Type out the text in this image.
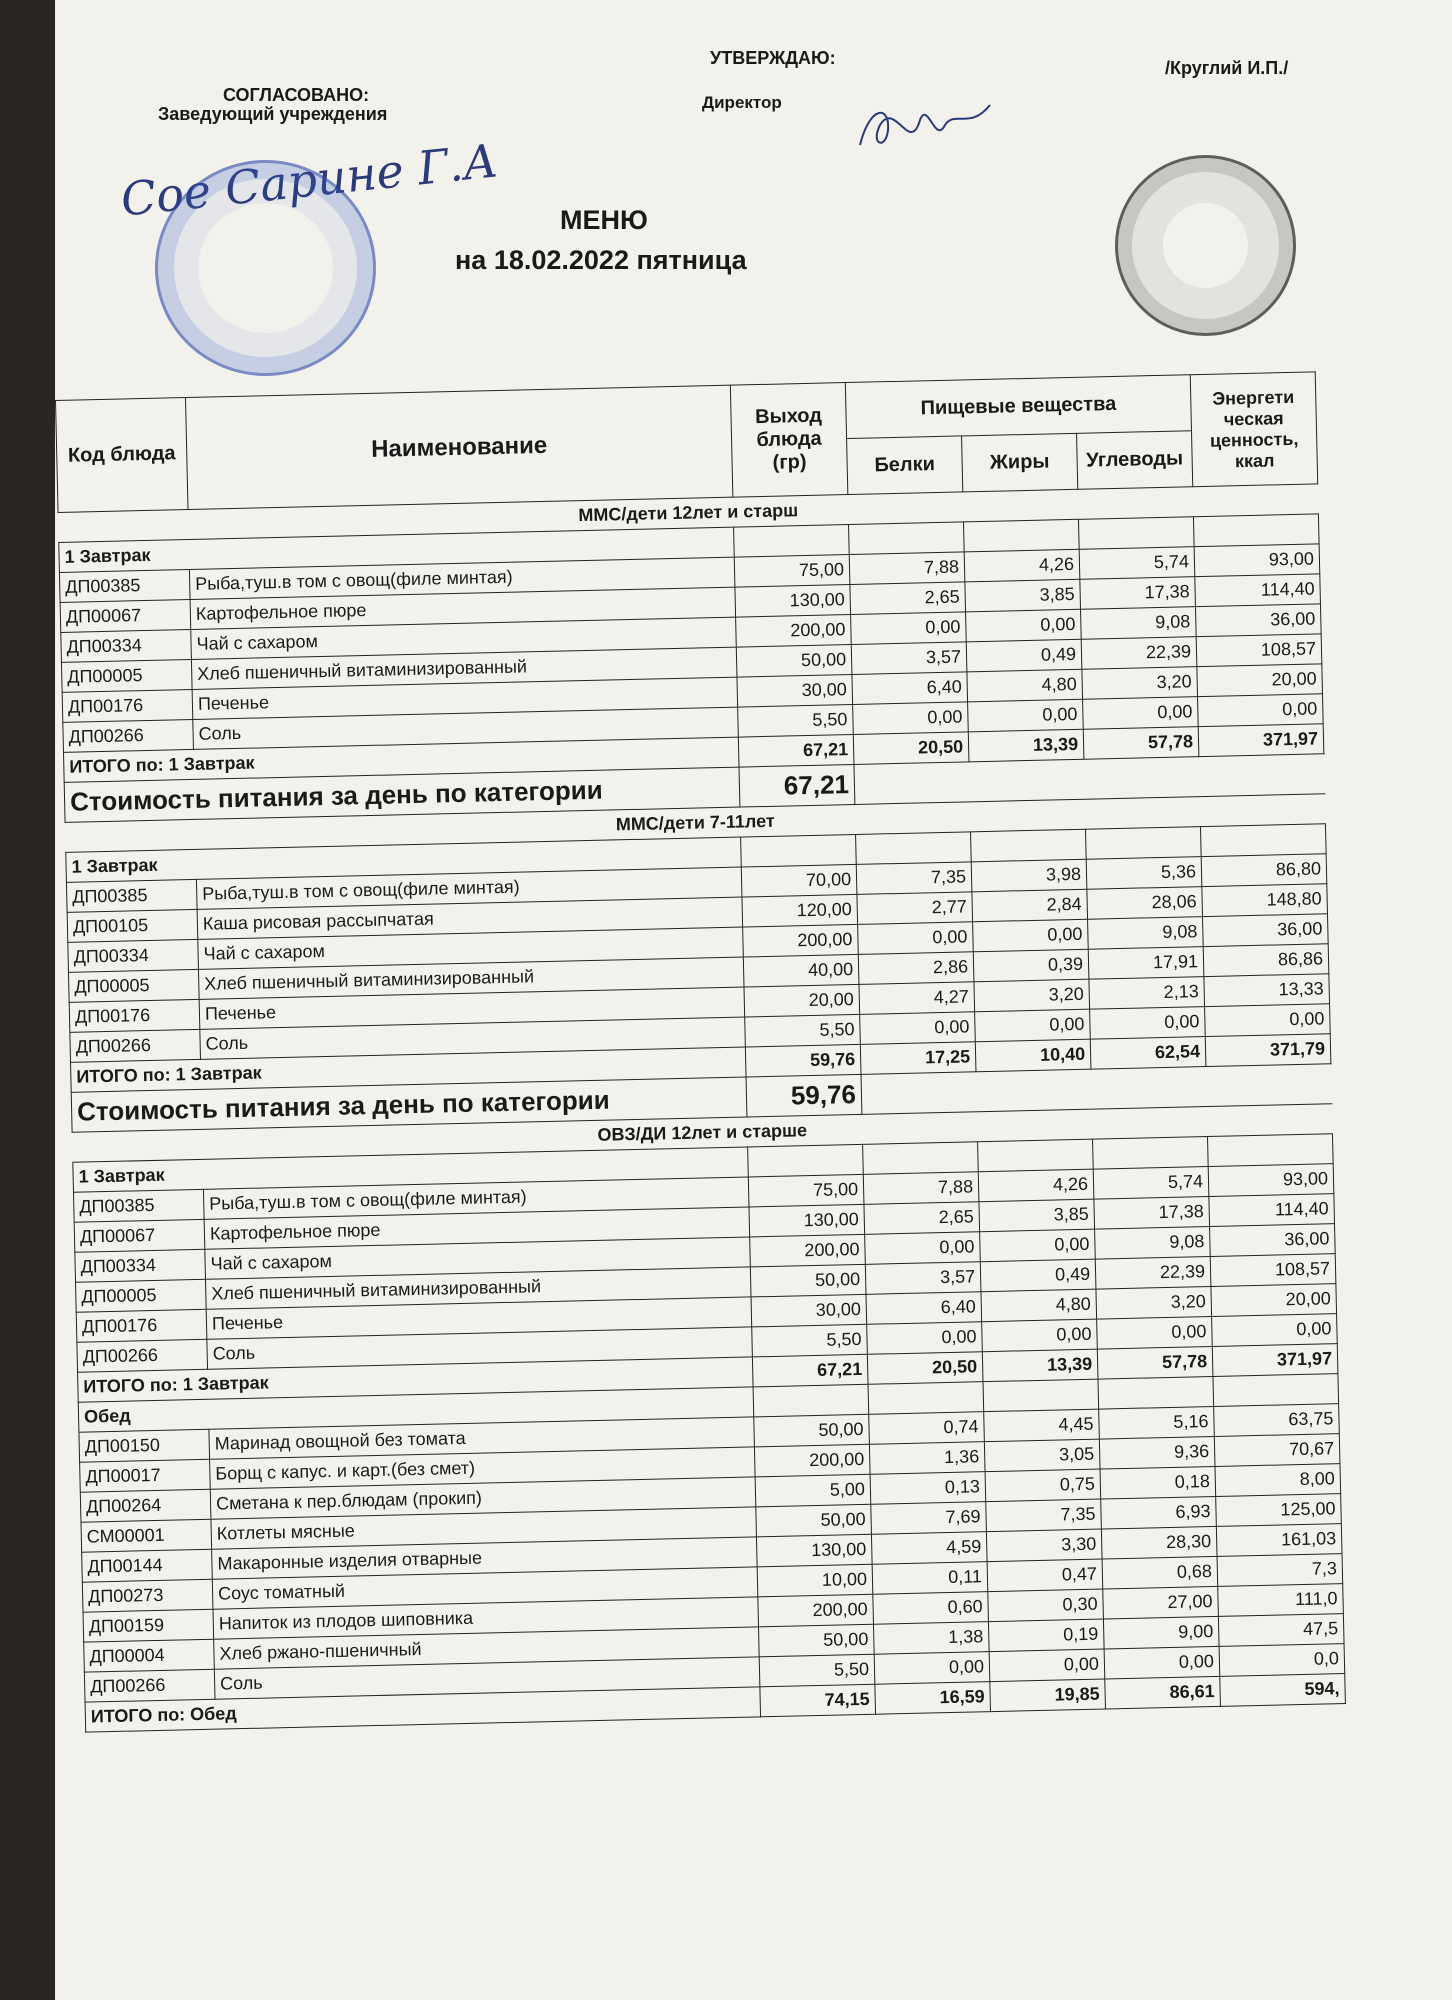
УТВЕРЖДАЮ:
Директор
/Круглий И.П./
СОГЛАСОВАНО:
Заведующий учреждения
Сое Сарине Г.А МЕНЮ
на 18.02.2022 пятница
Код блюда	Наименование	Выход блюда (гр)	Пищевые вещества			Энергети ческая ценность, ккал
			Белки	Жиры	Углеводы	
ММС/дети 12лет и старш						
1 Завтрак						
ДП00385	Рыба,туш.в том с овощ(филе минтая)	75,00	7,88	4,26	5,74	93,00
ДП00067	Картофельное пюре	130,00	2,65	3,85	17,38	114,40
ДП00334	Чай с сахаром	200,00	0,00	0,00	9,08	36,00
ДП00005	Хлеб пшеничный витаминизированный	50,00	3,57	0,49	22,39	108,57
ДП00176	Печенье	30,00	6,40	4,80	3,20	20,00
ДП00266	Соль	5,50	0,00	0,00	0,00	0,00
ИТОГО по: 1 Завтрак		67,21	20,50	13,39	57,78	371,97
Стоимость питания за день по категории		67,21				
ММС/дети 7-11лет						
1 Завтрак						
ДП00385	Рыба,туш.в том с овощ(филе минтая)	70,00	7,35	3,98	5,36	86,80
ДП00105	Каша рисовая рассыпчатая	120,00	2,77	2,84	28,06	148,80
ДП00334	Чай с сахаром	200,00	0,00	0,00	9,08	36,00
ДП00005	Хлеб пшеничный витаминизированный	40,00	2,86	0,39	17,91	86,86
ДП00176	Печенье	20,00	4,27	3,20	2,13	13,33
ДП00266	Соль	5,50	0,00	0,00	0,00	0,00
ИТОГО по: 1 Завтрак		59,76	17,25	10,40	62,54	371,79
Стоимость питания за день по категории		59,76				
ОВЗ/ДИ 12лет и старше						
1 Завтрак						
ДП00385	Рыба,туш.в том с овощ(филе минтая)	75,00	7,88	4,26	5,74	93,00
ДП00067	Картофельное пюре	130,00	2,65	3,85	17,38	114,40
ДП00334	Чай с сахаром	200,00	0,00	0,00	9,08	36,00
ДП00005	Хлеб пшеничный витаминизированный	50,00	3,57	0,49	22,39	108,57
ДП00176	Печенье	30,00	6,40	4,80	3,20	20,00
ДП00266	Соль	5,50	0,00	0,00	0,00	0,00
ИТОГО по: 1 Завтрак		67,21	20,50	13,39	57,78	371,97
Обед						
ДП00150	Маринад овощной без томата	50,00	0,74	4,45	5,16	63,75
ДП00017	Борщ с капус. и карт.(без смет)	200,00	1,36	3,05	9,36	70,67
ДП00264	Сметана к пер.блюдам (прокип)	5,00	0,13	0,75	0,18	8,00
СМ00001	Котлеты мясные	50,00	7,69	7,35	6,93	125,00
ДП00144	Макаронные изделия отварные	130,00	4,59	3,30	28,30	161,03
ДП00273	Соус томатный	10,00	0,11	0,47	0,68	7,3
ДП00159	Напиток из плодов шиповника	200,00	0,60	0,30	27,00	111,0
ДП00004	Хлеб ржано-пшеничный	50,00	1,38	0,19	9,00	47,5
ДП00266	Соль	5,50	0,00	0,00	0,00	0,0
ИТОГО по: Обед		74,15	16,59	19,85	86,61	594,
